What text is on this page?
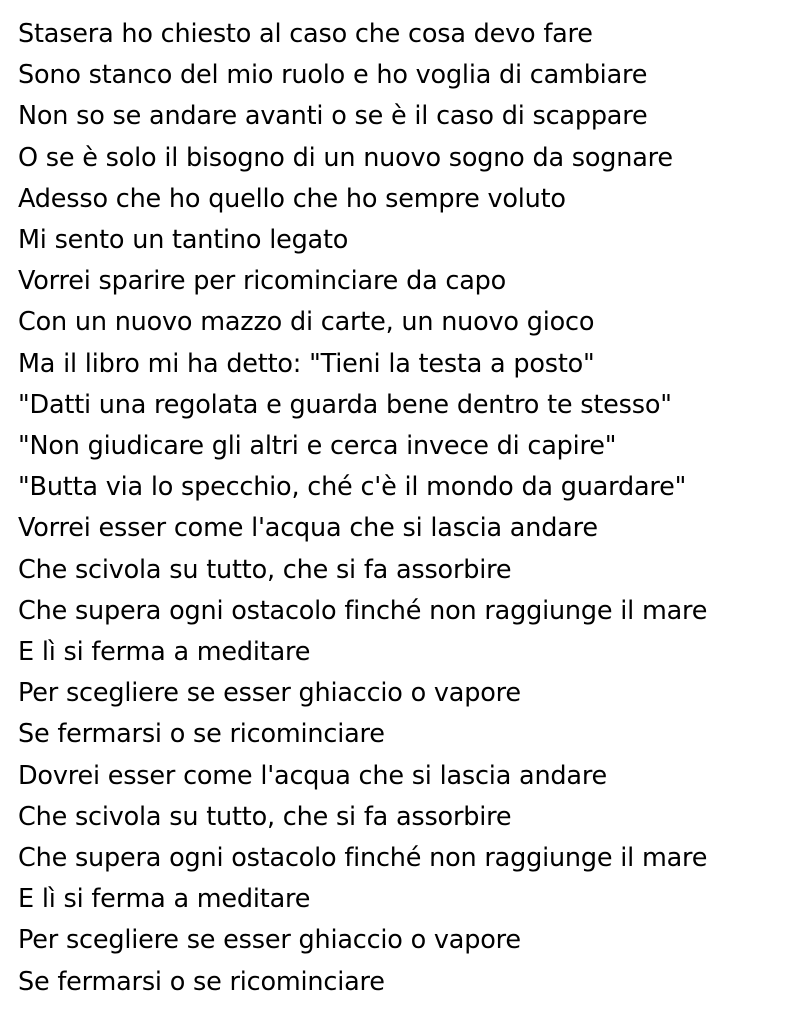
Stasera ho chiesto al caso che cosa devo fare
Sono stanco del mio ruolo e ho voglia di cambiare
Non so se andare avanti o se è il caso di scappare
O se è solo il bisogno di un nuovo sogno da sognare
Adesso che ho quello che ho sempre voluto
Mi sento un tantino legato
Vorrei sparire per ricominciare da capo
Con un nuovo mazzo di carte, un nuovo gioco
Ma il libro mi ha detto: "Tieni la testa a posto"
"Datti una regolata e guarda bene dentro te stesso"
"Non giudicare gli altri e cerca invece di capire"
"Butta via lo specchio, ché c'è il mondo da guardare"
Vorrei esser come l'acqua che si lascia andare
Che scivola su tutto, che si fa assorbire
Che supera ogni ostacolo finché non raggiunge il mare
E lì si ferma a meditare
Per scegliere se esser ghiaccio o vapore
Se fermarsi o se ricominciare
Dovrei esser come l'acqua che si lascia andare
Che scivola su tutto, che si fa assorbire
Che supera ogni ostacolo finché non raggiunge il mare
E lì si ferma a meditare
Per scegliere se esser ghiaccio o vapore
Se fermarsi o se ricominciare
